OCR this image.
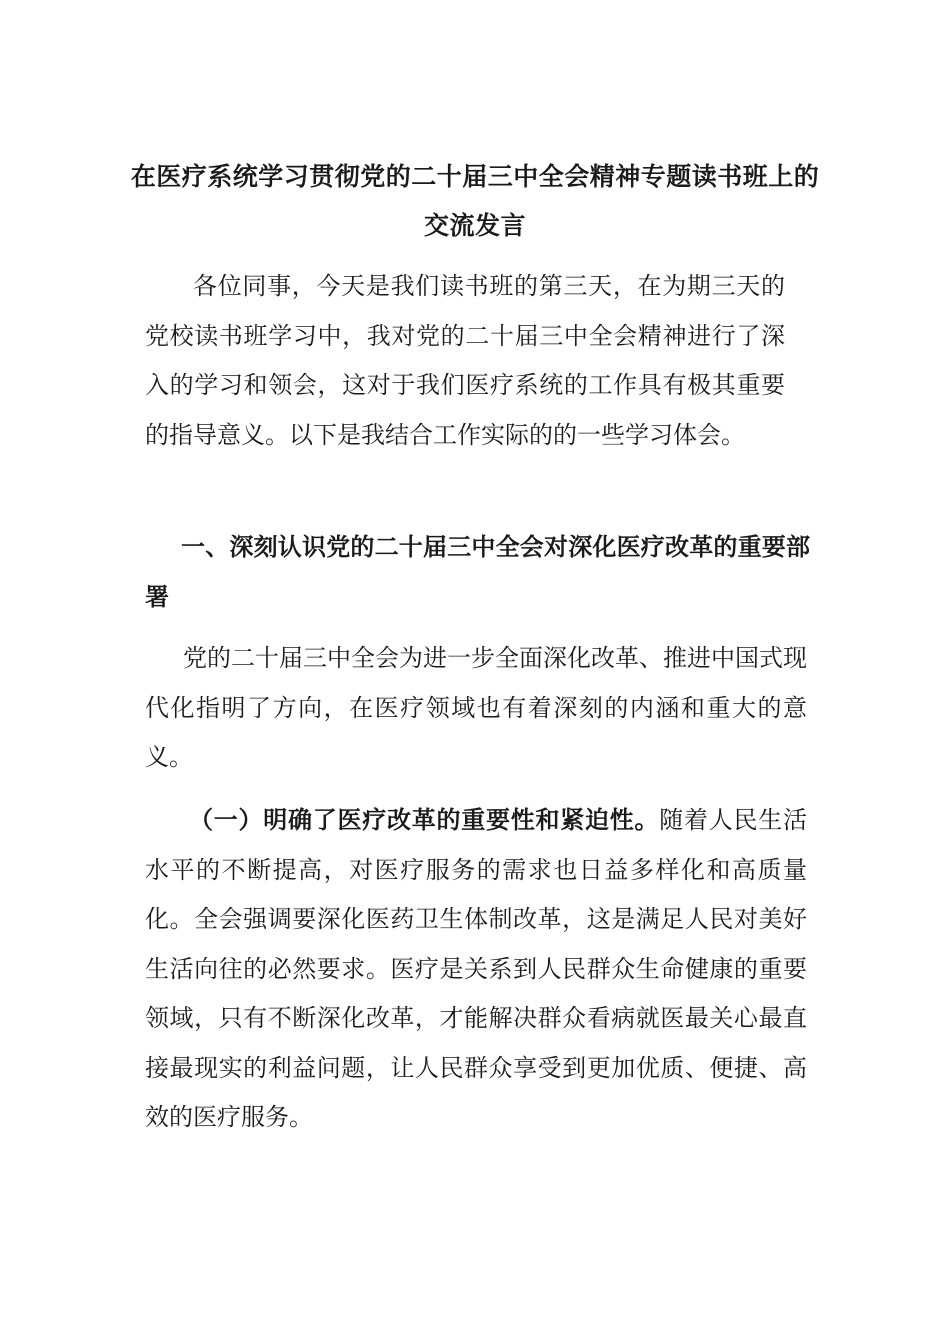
在医疗系统学习贯彻党的二十届三中全会精神专题读书班上的交流发言

各位同事，今天是我们读书班的第三天，在为期三天的党校读书班学习中，我对党的二十届三中全会精神进行了深入的学习和领会，这对于我们医疗系统的工作具有极其重要的指导意义。以下是我结合工作实际的的一些学习体会。

一、深刻认识党的二十届三中全会对深化医疗改革的重要部署

党的二十届三中全会为进一步全面深化改革、推进中国式现代化指明了方向，在医疗领域也有着深刻的内涵和重大的意义。

（一）明确了医疗改革的重要性和紧迫性。随着人民生活水平的不断提高，对医疗服务的需求也日益多样化和高质量化。全会强调要深化医药卫生体制改革，这是满足人民对美好生活向往的必然要求。医疗是关系到人民群众生命健康的重要领域，只有不断深化改革，才能解决群众看病就医最关心最直接最现实的利益问题，让人民群众享受到更加优质、便捷、高效的医疗服务。
